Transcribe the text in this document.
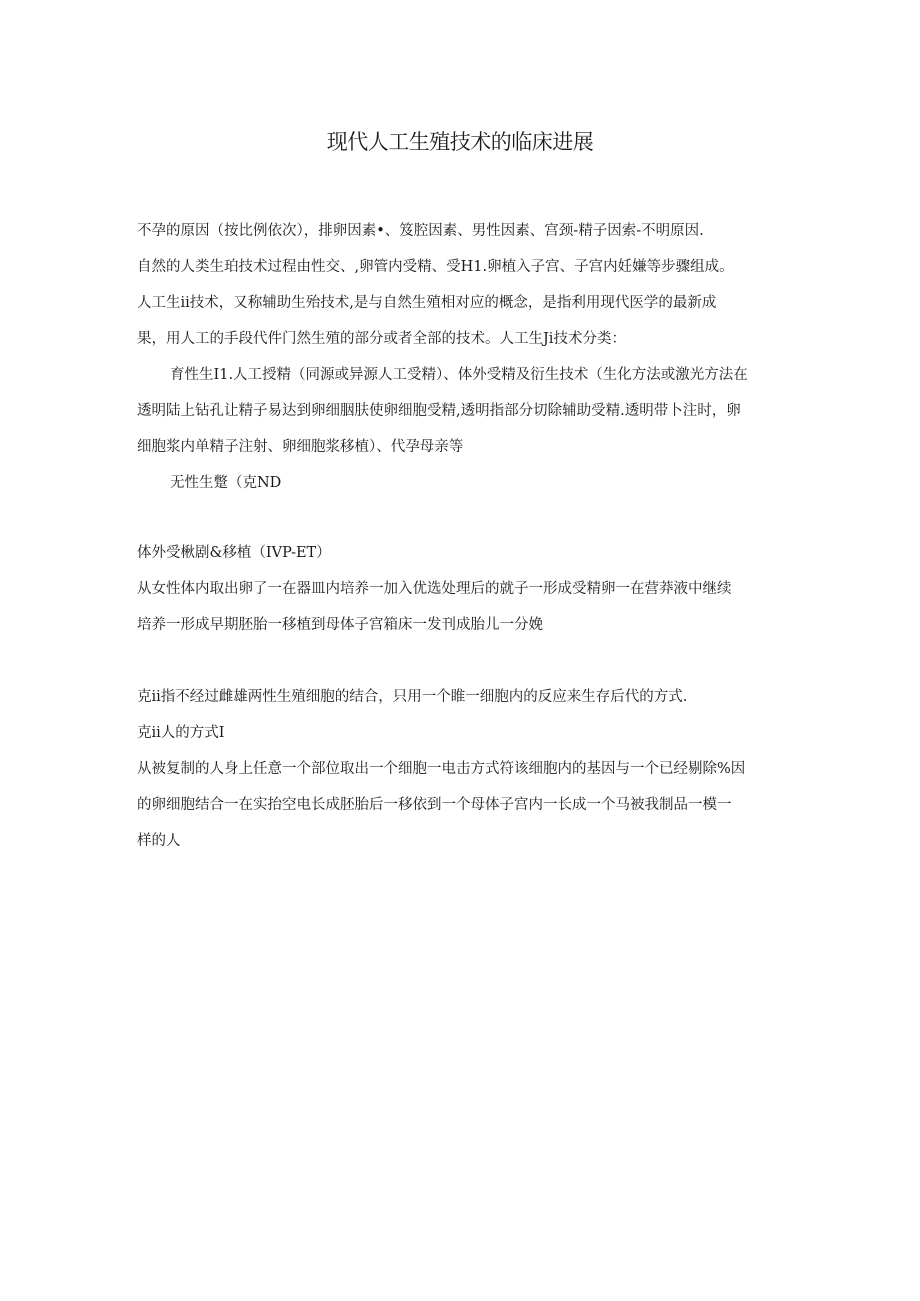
现代人工生殖技术的临床进展

不孕的原因（按比例依次），排卵因素•、笈腔因素、男性因素、宫颈-精子因索-不明原因.

自然的人类生珀技术过程由性交、,卵管内受精、受H1.卵植入子宫、子宫内妊嫌等步骤组成。

人工生ii技术，又称辅助生殆技术,是与自然生殖相对应的概念，是指利用现代医学的最新成

果，用人工的手段代件门然生殖的部分或者全部的技术。人工生Ji技术分类：

育性生I1.人工授精（同源或异源人工受精）、体外受精及衍生技术（生化方法或激光方法在

透明陆上钻孔让精子易达到卵细胭肤使卵细胞受精,透明指部分切除辅助受精.透明带卜注时，卵

细胞浆内单精子注射、卵细胞浆移植）、代孕母亲等

无性生蹩（克ND

体外受楸剧&移植（IVP-ET）

从女性体内取出卵了一在器皿内培养一加入优选处理后的就子一形成受精卵一在营莽液中继续

培养一形成早期胚胎一移植到母体子宫箱床一发刊成胎儿一分娩

克ii指不经过雌雄两性生殖细胞的结合，只用一个睢一细胞内的反应来生存后代的方式.

克ii人的方式I

从被复制的人身上任意一个部位取出一个细胞一电击方式符该细胞内的基因与一个已经剔除%因

的卵细胞结合一在实抬空电长成胚胎后一移依到一个母体子宫内一长成一个马被我制品一模一

样的人
